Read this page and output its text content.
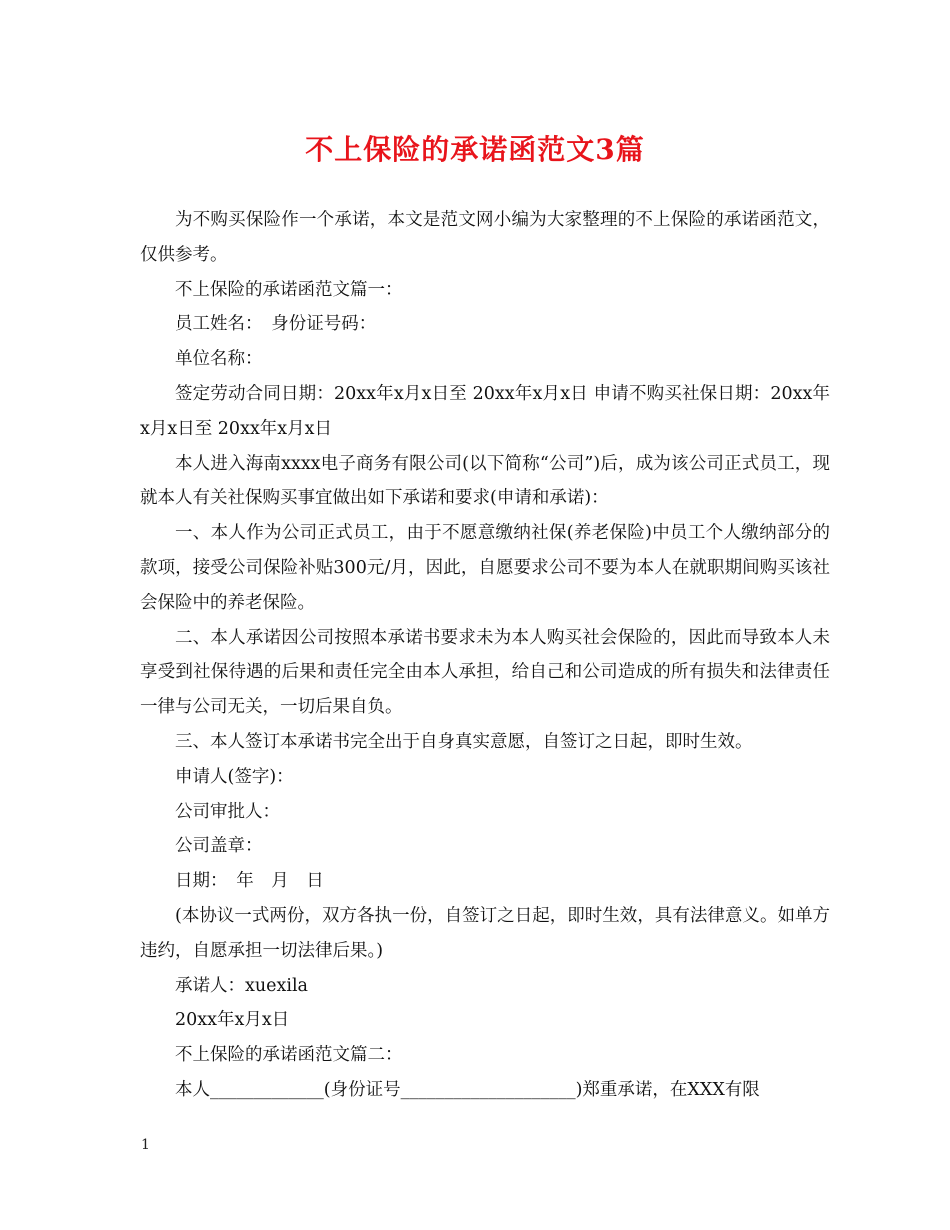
不上保险的承诺函范文3篇

为不购买保险作一个承诺，本文是范文网小编为大家整理的不上保险的承诺函范文，仅供参考。

不上保险的承诺函范文篇一：

员工姓名：　身份证号码：

单位名称：

签定劳动合同日期：20xx年x月x日至 20xx年x月x日 申请不购买社保日期：20xx年x月x日至 20xx年x月x日

本人进入海南xxxx电子商务有限公司(以下简称“公司”)后，成为该公司正式员工，现就本人有关社保购买事宜做出如下承诺和要求(申请和承诺)：

一、本人作为公司正式员工，由于不愿意缴纳社保(养老保险)中员工个人缴纳部分的款项，接受公司保险补贴300元/月，因此，自愿要求公司不要为本人在就职期间购买该社会保险中的养老保险。

二、本人承诺因公司按照本承诺书要求未为本人购买社会保险的，因此而导致本人未享受到社保待遇的后果和责任完全由本人承担，给自己和公司造成的所有损失和法律责任一律与公司无关，一切后果自负。

三、本人签订本承诺书完全出于自身真实意愿，自签订之日起，即时生效。

申请人(签字)：

公司审批人：

公司盖章：

日期：　年　月　日

(本协议一式两份，双方各执一份，自签订之日起，即时生效，具有法律意义。如单方违约，自愿承担一切法律后果。)

承诺人：xuexila

20xx年x月x日

不上保险的承诺函范文篇二：

本人_____________(身份证号____________________)郑重承诺，在XXX有限

1
